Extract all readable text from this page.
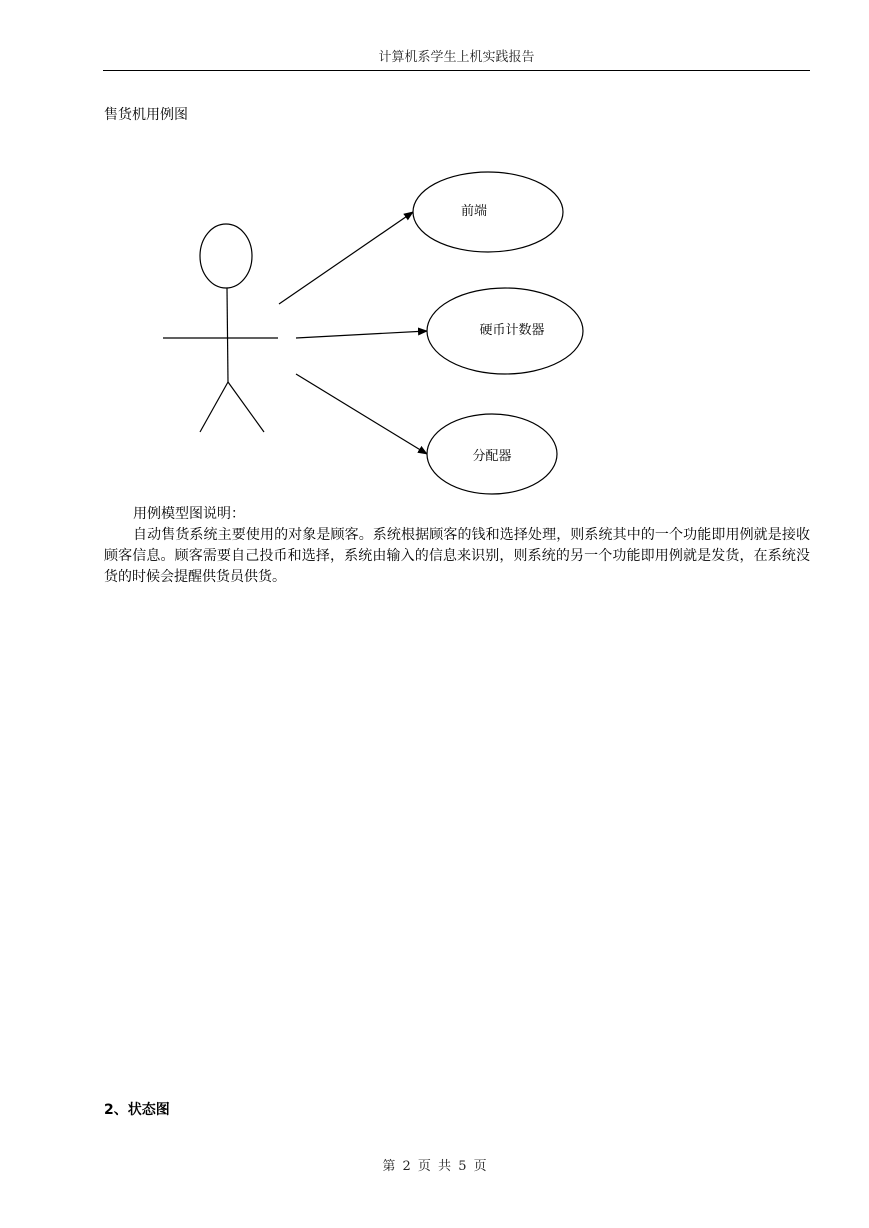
计算机系学生上机实践报告
售货机用例图
前端
硬币计数器
分配器

用例模型图说明：

自动售货系统主要使用的对象是顾客。系统根据顾客的钱和选择处理，则系统其中的一个功能即用例就是接收顾客信息。顾客需要自己投币和选择，系统由输入的信息来识别，则系统的另一个功能即用例就是发货，在系统没货的时候会提醒供货员供货。

2、状态图
第 2 页 共 5 页
